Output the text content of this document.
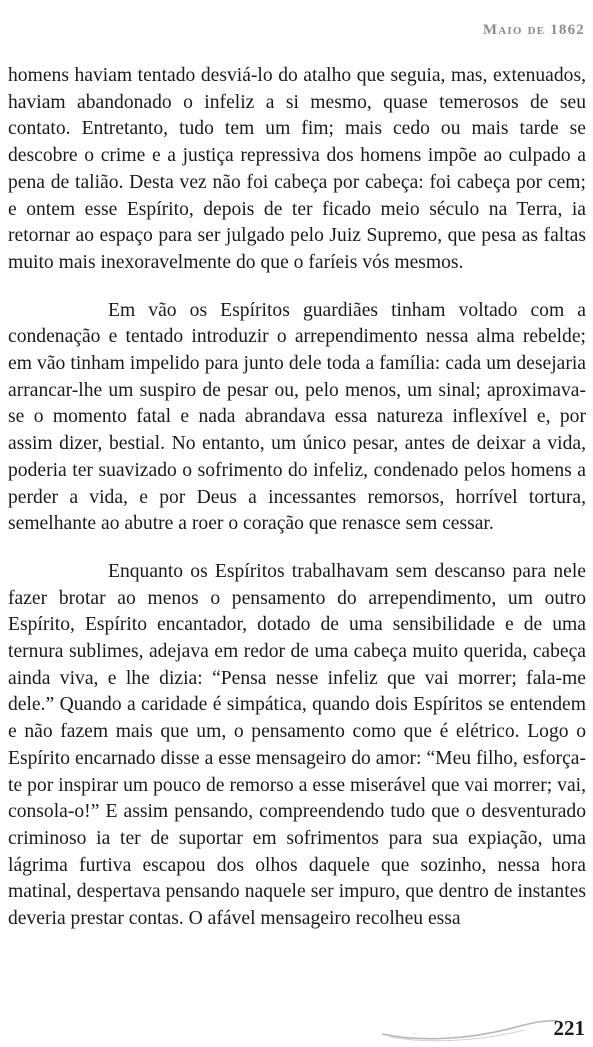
Maio de 1862

homens haviam tentado desviá-lo do atalho que seguia, mas, extenuados, haviam abandonado o infeliz a si mesmo, quase temerosos de seu contato. Entretanto, tudo tem um fim; mais cedo ou mais tarde se descobre o crime e a justiça repressiva dos homens impõe ao culpado a pena de talião. Desta vez não foi cabeça por cabeça: foi cabeça por cem; e ontem esse Espírito, depois de ter ficado meio século na Terra, ia retornar ao espaço para ser julgado pelo Juiz Supremo, que pesa as faltas muito mais inexoravelmente do que o faríeis vós mesmos.

Em vão os Espíritos guardiães tinham voltado com a condenação e tentado introduzir o arrependimento nessa alma rebelde; em vão tinham impelido para junto dele toda a família: cada um desejaria arrancar-lhe um suspiro de pesar ou, pelo menos, um sinal; aproximava-se o momento fatal e nada abrandava essa natureza inflexível e, por assim dizer, bestial. No entanto, um único pesar, antes de deixar a vida, poderia ter suavizado o sofrimento do infeliz, condenado pelos homens a perder a vida, e por Deus a incessantes remorsos, horrível tortura, semelhante ao abutre a roer o coração que renasce sem cessar.

Enquanto os Espíritos trabalhavam sem descanso para nele fazer brotar ao menos o pensamento do arrependimento, um outro Espírito, Espírito encantador, dotado de uma sensibilidade e de uma ternura sublimes, adejava em redor de uma cabeça muito querida, cabeça ainda viva, e lhe dizia: “Pensa nesse infeliz que vai morrer; fala-me dele.” Quando a caridade é simpática, quando dois Espíritos se entendem e não fazem mais que um, o pensamento como que é elétrico. Logo o Espírito encarnado disse a esse mensageiro do amor: “Meu filho, esforça-te por inspirar um pouco de remorso a esse miserável que vai morrer; vai, consola-o!” E assim pensando, compreendendo tudo que o desventurado criminoso ia ter de suportar em sofrimentos para sua expiação, uma lágrima furtiva escapou dos olhos daquele que sozinho, nessa hora matinal, despertava pensando naquele ser impuro, que dentro de instantes deveria prestar contas. O afável mensageiro recolheu essa

221
